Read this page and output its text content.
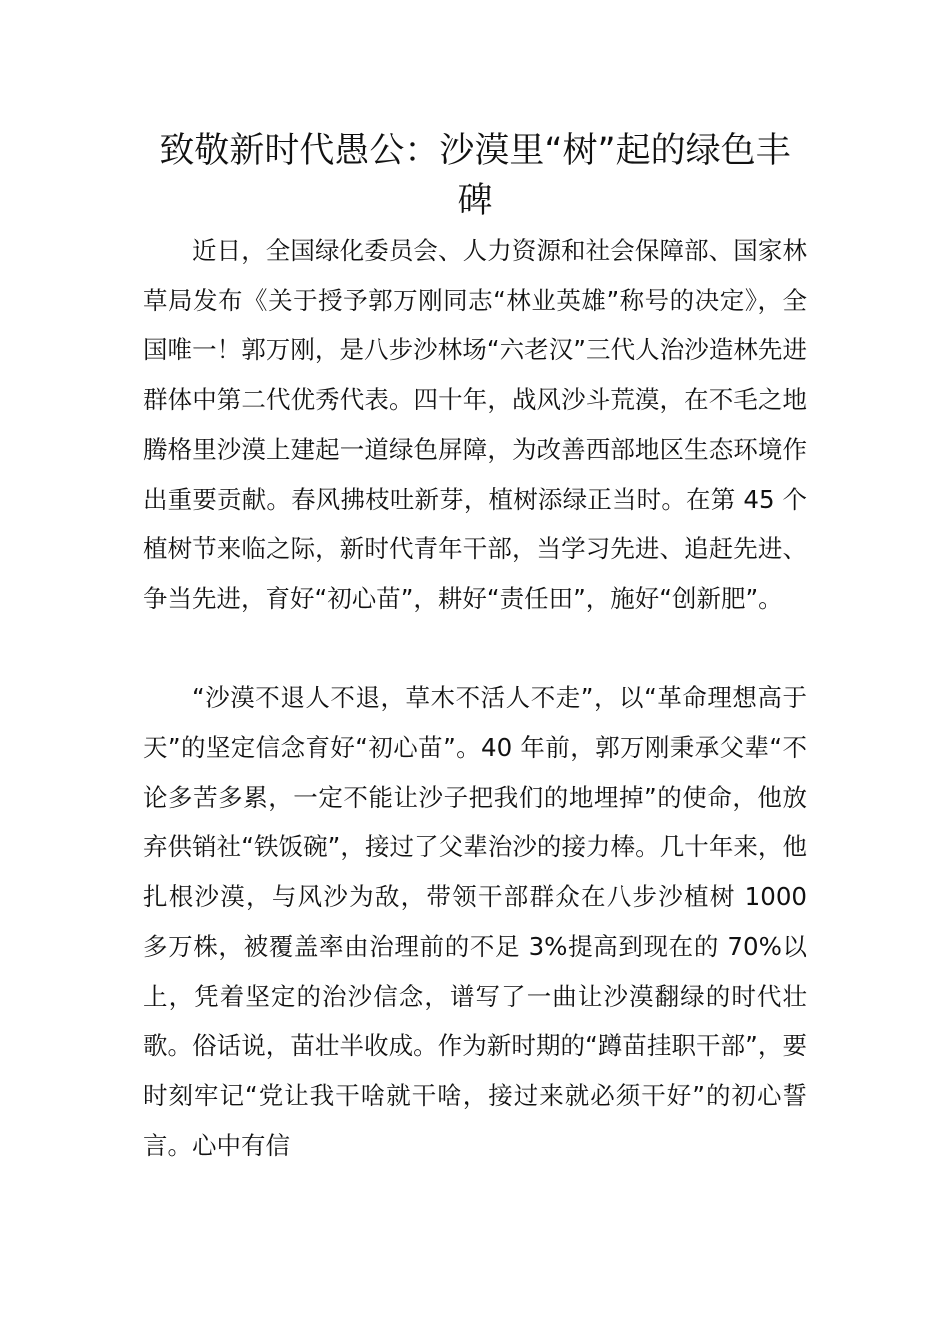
致敬新时代愚公：沙漠里“树”起的绿色丰碑

近日，全国绿化委员会、人力资源和社会保障部、国家林草局发布《关于授予郭万刚同志“林业英雄”称号的决定》，全国唯一！郭万刚，是八步沙林场“六老汉”三代人治沙造林先进群体中第二代优秀代表。四十年，战风沙斗荒漠，在不毛之地腾格里沙漠上建起一道绿色屏障，为改善西部地区生态环境作出重要贡献。春风拂枝吐新芽，植树添绿正当时。在第 45 个植树节来临之际，新时代青年干部，当学习先进、追赶先进、争当先进，育好“初心苗”，耕好“责任田”，施好“创新肥”。

“沙漠不退人不退，草木不活人不走”，以“革命理想高于天”的坚定信念育好“初心苗”。40 年前，郭万刚秉承父辈“不论多苦多累，一定不能让沙子把我们的地埋掉”的使命，他放弃供销社“铁饭碗”，接过了父辈治沙的接力棒。几十年来，他扎根沙漠，与风沙为敌，带领干部群众在八步沙植树 1000 多万株，被覆盖率由治理前的不足 3%提高到现在的 70%以上，凭着坚定的治沙信念，谱写了一曲让沙漠翻绿的时代壮歌。俗话说，苗壮半收成。作为新时期的“蹲苗挂职干部”，要时刻牢记“党让我干啥就干啥，接过来就必须干好”的初心誓言。心中有信
